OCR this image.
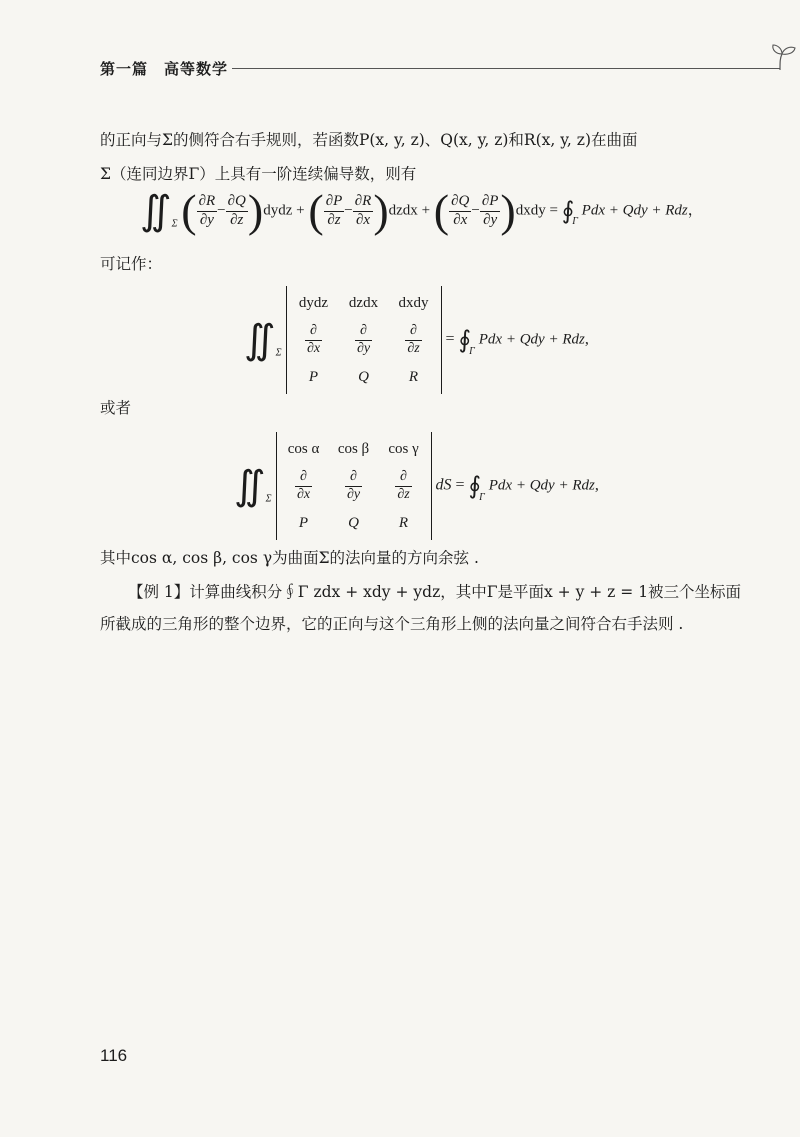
第一篇　高等数学
的正向与Σ的侧符合右手规则，若函数P(x, y, z)、Q(x, y, z)和R(x, y, z)在曲面
Σ（连同边界Γ）上具有一阶连续偏导数，则有
$∬_\Sigma$ ( $\frac{\partial R}{\partial y} - \frac{\partial Q}{\partial z}$ )dydz + ( $\frac{\partial P}{\partial z} - \frac{\partial R}{\partial x}$ )dzdx + ( $\frac{\partial Q}{\partial x} - \frac{\partial P}{\partial y}$ )dxdy = $∮_\Gamma$ Pdx + Qdy + Rdz，
可记作：
$∬_\Sigma$
dydz	dzdx	dxdy
$\frac{\partial}{\partial x} \frac{\partial}{\partial y} \frac{\partial}{\partial z}$
P	Q	R
= $∮_\Gamma$ Pdx + Qdy + Rdz,
或者
$∬_\Sigma$
cos α	cos β	cos γ
$\frac{\partial}{\partial x} \frac{\partial}{\partial y} \frac{\partial}{\partial z}$
P	Q	R
dS = $∮_\Gamma$ Pdx + Qdy + Rdz,
其中cos α, cos β, cos γ为曲面Σ的法向量的方向余弦 .
【例 1】计算曲线积分∮Γ zdx + xdy + ydz，其中Γ是平面x + y + z = 1被三个坐标面
所截成的三角形的整个边界，它的正向与这个三角形上侧的法向量之间符合右手法则 .
116
